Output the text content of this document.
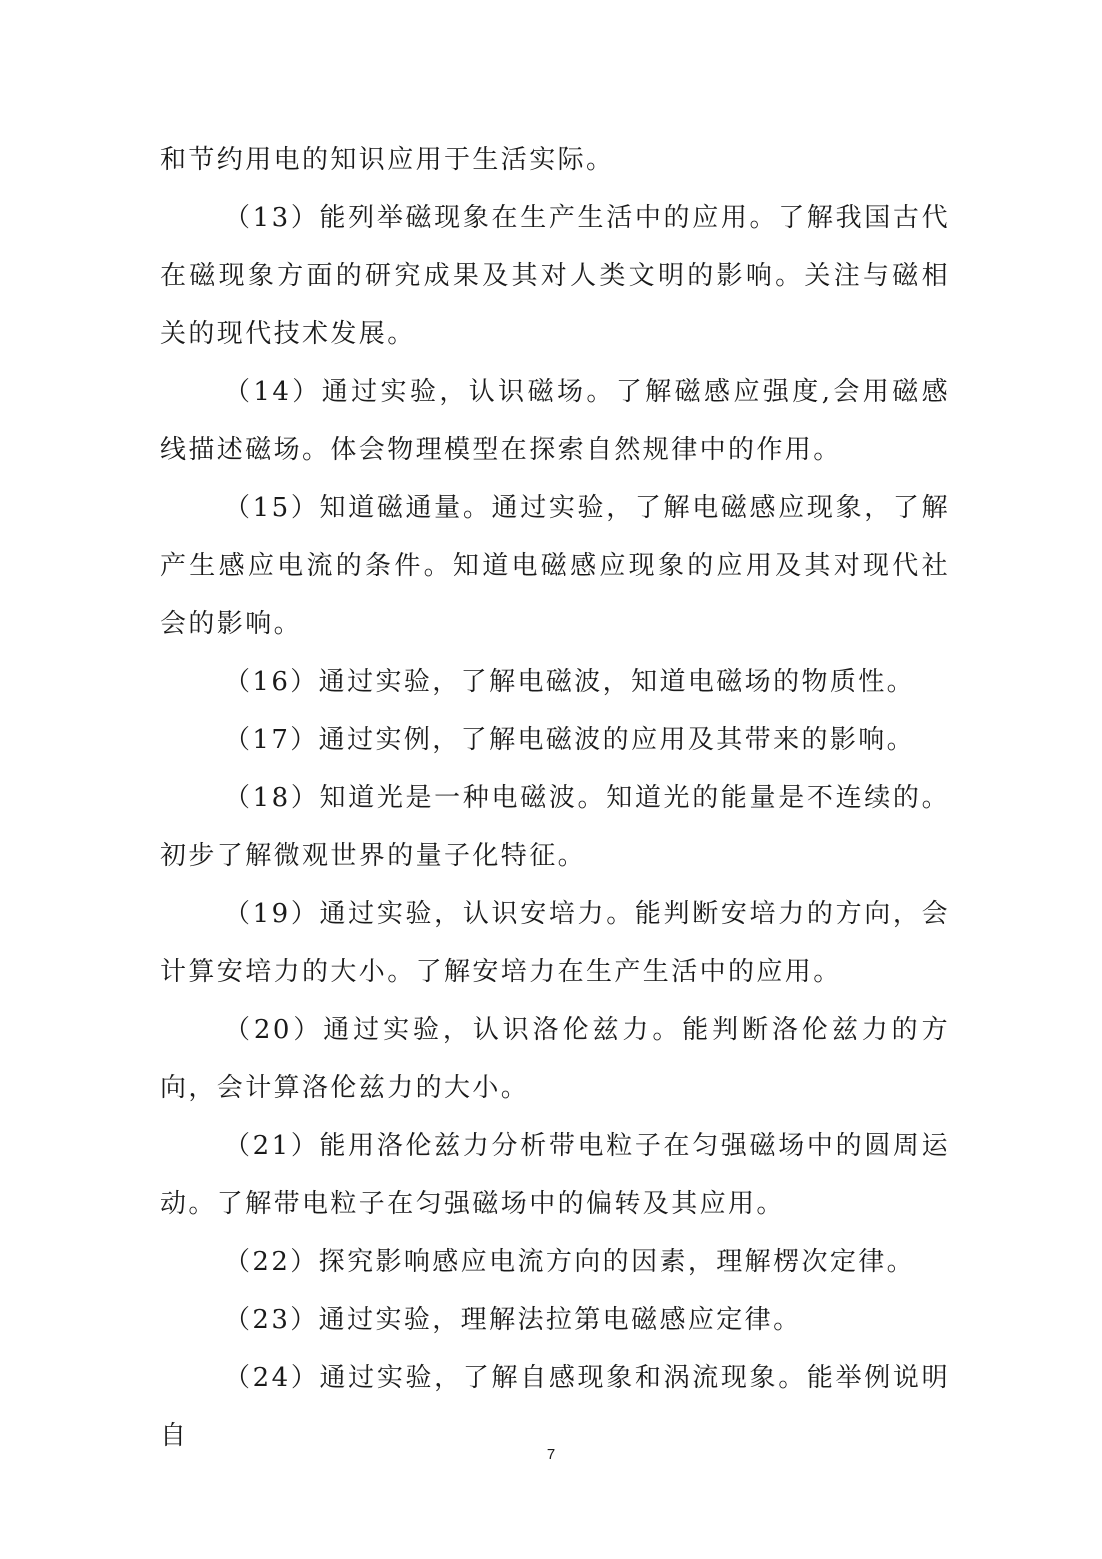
和节约用电的知识应用于生活实际。

（13）能列举磁现象在生产生活中的应用。了解我国古代在磁现象方面的研究成果及其对人类文明的影响。关注与磁相关的现代技术发展。

（14）通过实验，认识磁场。了解磁感应强度,会用磁感线描述磁场。体会物理模型在探索自然规律中的作用。

（15）知道磁通量。通过实验，了解电磁感应现象，了解产生感应电流的条件。知道电磁感应现象的应用及其对现代社会的影响。

（16）通过实验，了解电磁波，知道电磁场的物质性。

（17）通过实例，了解电磁波的应用及其带来的影响。

（18）知道光是一种电磁波。知道光的能量是不连续的。初步了解微观世界的量子化特征。

（19）通过实验，认识安培力。能判断安培力的方向，会计算安培力的大小。了解安培力在生产生活中的应用。

（20）通过实验，认识洛伦兹力。能判断洛伦兹力的方向，会计算洛伦兹力的大小。

（21）能用洛伦兹力分析带电粒子在匀强磁场中的圆周运动。了解带电粒子在匀强磁场中的偏转及其应用。

（22）探究影响感应电流方向的因素，理解楞次定律。

（23）通过实验，理解法拉第电磁感应定律。

（24）通过实验，了解自感现象和涡流现象。能举例说明自

7
